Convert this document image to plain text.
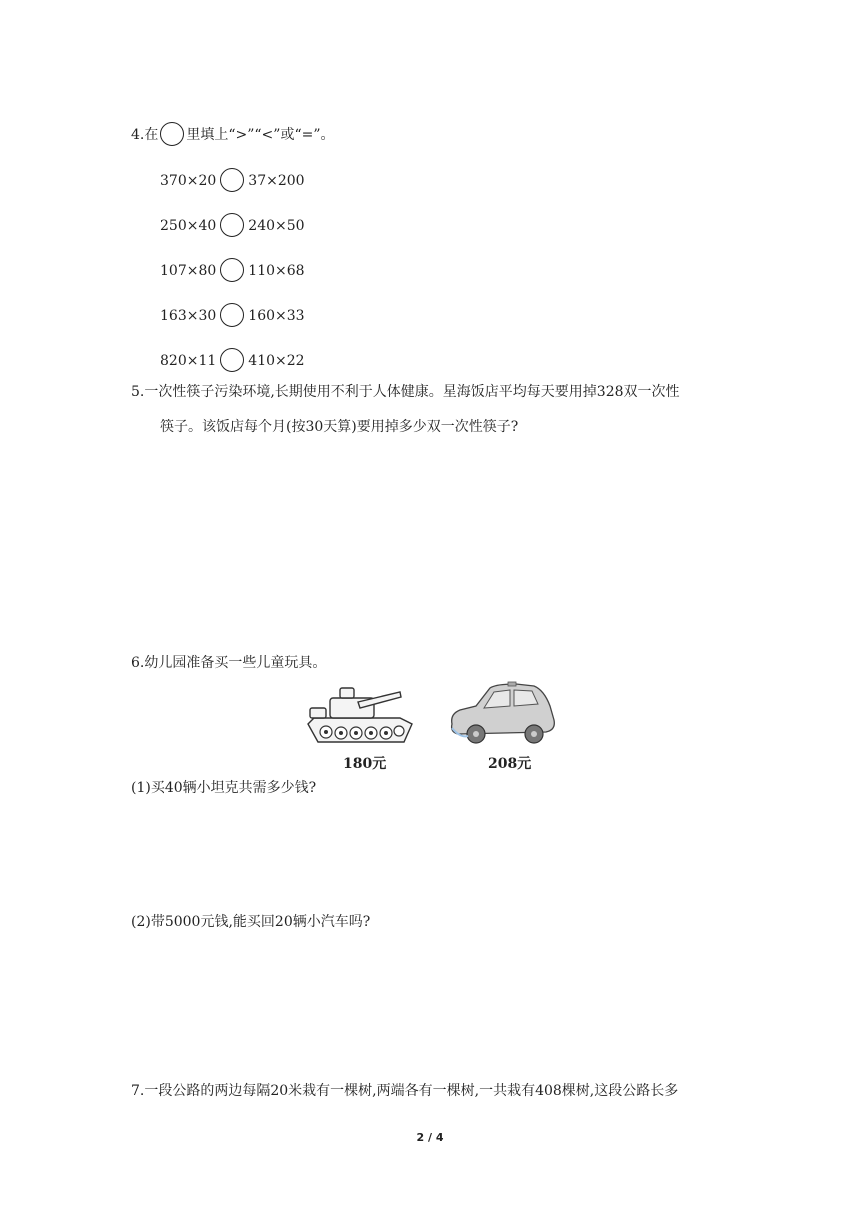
4.在 里填上“>”“<”或“=”。
370×20 37×200
250×40 240×50
107×80 110×68
163×30 160×33
820×11 410×22
5.一次性筷子污染环境,长期使用不利于人体健康。星海饭店平均每天要用掉328双一次性
筷子。该饭店每个月(按30天算)要用掉多少双一次性筷子?
6.幼儿园准备买一些儿童玩具。
180元	208元
(1)买40辆小坦克共需多少钱?
(2)带5000元钱,能买回20辆小汽车吗?
7.一段公路的两边每隔20米栽有一棵树,两端各有一棵树,一共栽有408棵树,这段公路长多
2 / 4
